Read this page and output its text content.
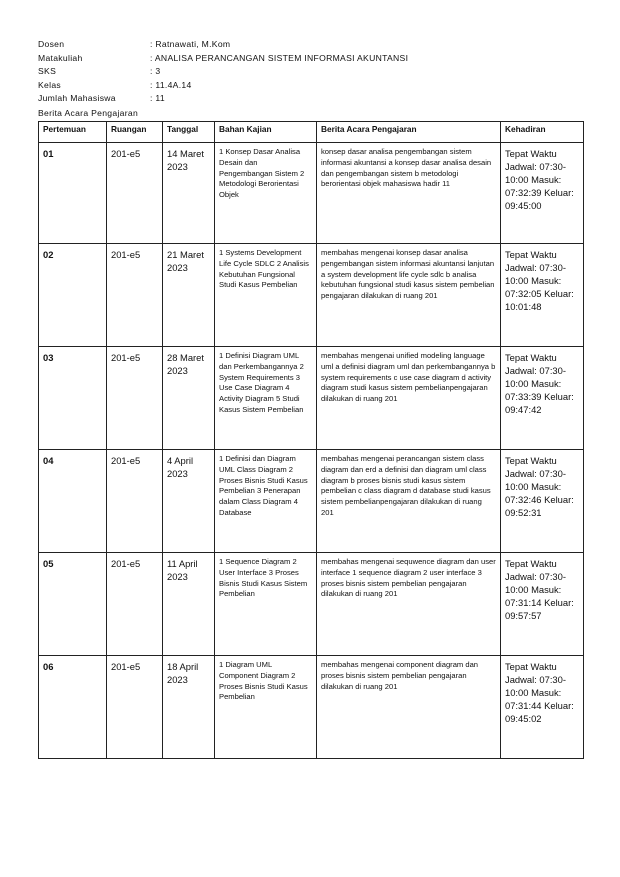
Dosen	: Ratnawati, M.Kom
Matakuliah	: ANALISA PERANCANGAN SISTEM INFORMASI AKUNTANSI
SKS	: 3
Kelas	: 11.4A.14
Jumlah Mahasiswa	: 11
Berita Acara Pengajaran
Pertemuan	Ruangan	Tanggal	Bahan Kajian	Berita Acara Pengajaran	Kehadiran
01	201-e5	14 Maret 2023	1 Konsep Dasar Analisa Desain dan Pengembangan Sistem 2 Metodologi Berorientasi Objek	konsep dasar analisa pengembangan sistem informasi akuntansi a konsep dasar analisa desain dan pengembangan sistem b metodologi berorientasi objek mahasiswa hadir 11	Tepat Waktu Jadwal: 07:30-10:00 Masuk: 07:32:39 Keluar: 09:45:00
02	201-e5	21 Maret 2023	1 Systems Development Life Cycle SDLC 2 Analisis Kebutuhan Fungsional Studi Kasus Pembelian	membahas mengenai konsep dasar analisa pengembangan sistem informasi akuntansi lanjutan a system development life cycle sdlc b analisa kebutuhan fungsional studi kasus sistem pembelian pengajaran dilakukan di ruang 201	Tepat Waktu Jadwal: 07:30-10:00 Masuk: 07:32:05 Keluar: 10:01:48
03	201-e5	28 Maret 2023	1 Definisi Diagram UML dan Perkembangannya 2 System Requirements 3 Use Case Diagram 4 Activity Diagram 5 Studi Kasus Sistem Pembelian	membahas mengenai unified modeling language uml a definisi diagram uml dan perkembangannya b system requirements c use case diagram d activity diagram studi kasus sistem pembelianpengajaran dilakukan di ruang 201	Tepat Waktu Jadwal: 07:30-10:00 Masuk: 07:33:39 Keluar: 09:47:42
04	201-e5	4 April 2023	1 Definisi dan Diagram UML Class Diagram 2 Proses Bisnis Studi Kasus Pembelian 3 Penerapan dalam Class Diagram 4 Database	membahas mengenai perancangan sistem class diagram dan erd a definisi dan diagram uml class diagram b proses bisnis studi kasus sistem pembelian c class diagram d database studi kasus sistem pembelianpengajaran dilakukan di ruang 201	Tepat Waktu Jadwal: 07:30-10:00 Masuk: 07:32:46 Keluar: 09:52:31
05	201-e5	11 April 2023	1 Sequence Diagram 2 User Interface 3 Proses Bisnis Studi Kasus Sistem Pembelian	membahas mengenai sequwence diagram dan user interface 1 sequence diagram 2 user interface 3 proses bisnis sistem pembelian pengajaran dilakukan di ruang 201	Tepat Waktu Jadwal: 07:30-10:00 Masuk: 07:31:14 Keluar: 09:57:57
06	201-e5	18 April 2023	1 Diagram UML Component Diagram 2 Proses Bisnis Studi Kasus Pembelian	membahas mengenai component diagram dan proses bisnis sistem pembelian pengajaran dilakukan di ruang 201	Tepat Waktu Jadwal: 07:30-10:00 Masuk: 07:31:44 Keluar: 09:45:02
